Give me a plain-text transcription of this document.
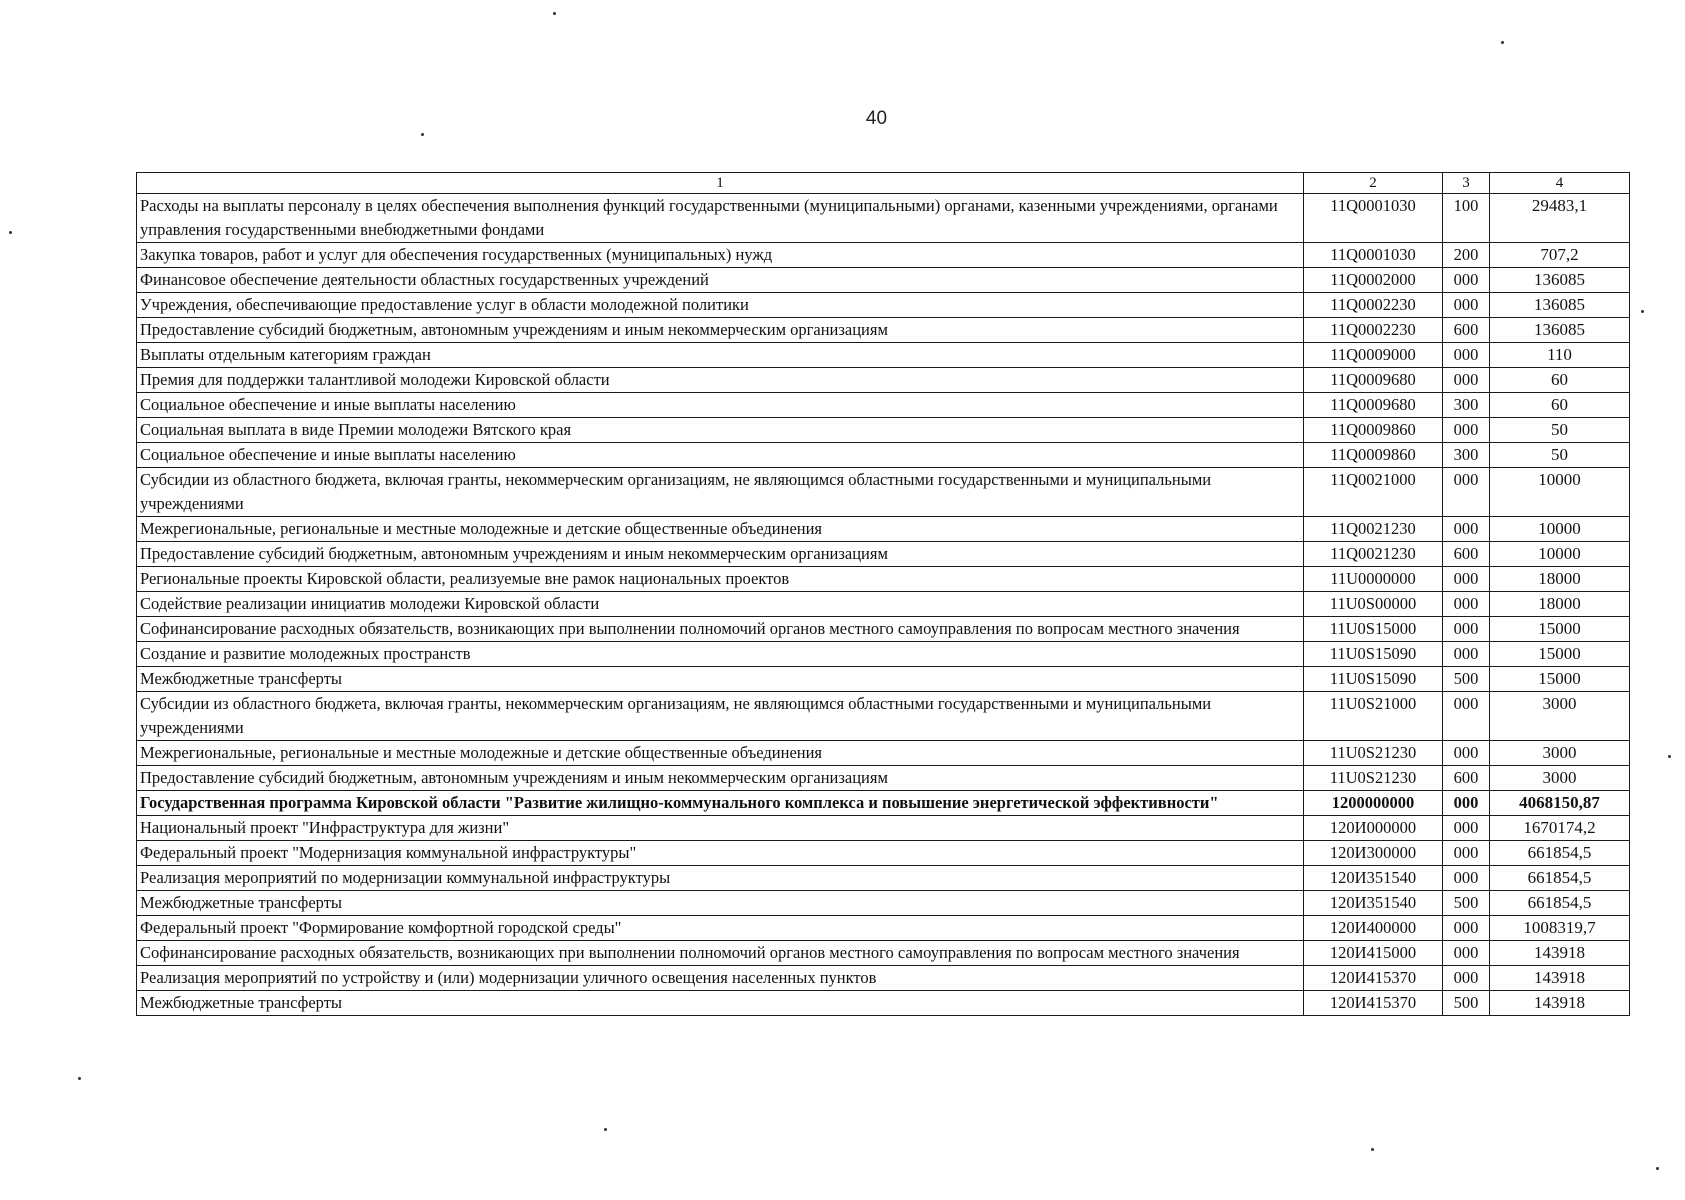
40
1	2	3	4
Расходы на выплаты персоналу в целях обеспечения выполнения функций государственными (муниципальными) органами, казенными учреждениями, органами управления государственными внебюджетными фондами	11Q0001030	100	29483,1
Закупка товаров, работ и услуг для обеспечения государственных (муниципальных) нужд	11Q0001030	200	707,2
Финансовое обеспечение деятельности областных государственных учреждений	11Q0002000	000	136085
Учреждения, обеспечивающие предоставление услуг в области молодежной политики	11Q0002230	000	136085
Предоставление субсидий бюджетным, автономным учреждениям и иным некоммерческим организациям	11Q0002230	600	136085
Выплаты отдельным категориям граждан	11Q0009000	000	110
Премия для поддержки талантливой молодежи Кировской области	11Q0009680	000	60
Социальное обеспечение и иные выплаты населению	11Q0009680	300	60
Социальная выплата в виде Премии молодежи Вятского края	11Q0009860	000	50
Социальное обеспечение и иные выплаты населению	11Q0009860	300	50
Субсидии из областного бюджета, включая гранты, некоммерческим организациям, не являющимся областными государственными и муниципальными учреждениями	11Q0021000	000	10000
Межрегиональные, региональные и местные молодежные и детские общественные объединения	11Q0021230	000	10000
Предоставление субсидий бюджетным, автономным учреждениям и иным некоммерческим организациям	11Q0021230	600	10000
Региональные проекты Кировской области, реализуемые вне рамок национальных проектов	11U0000000	000	18000
Содействие реализации инициатив молодежи Кировской области	11U0S00000	000	18000
Софинансирование расходных обязательств, возникающих при выполнении полномочий органов местного самоуправления по вопросам местного значения	11U0S15000	000	15000
Создание и развитие молодежных пространств	11U0S15090	000	15000
Межбюджетные трансферты	11U0S15090	500	15000
Субсидии из областного бюджета, включая гранты, некоммерческим организациям, не являющимся областными государственными и муниципальными учреждениями	11U0S21000	000	3000
Межрегиональные, региональные и местные молодежные и детские общественные объединения	11U0S21230	000	3000
Предоставление субсидий бюджетным, автономным учреждениям и иным некоммерческим организациям	11U0S21230	600	3000
Государственная программа Кировской области "Развитие жилищно-коммунального комплекса и повышение энергетической эффективности"	1200000000	000	4068150,87
Национальный проект "Инфраструктура для жизни"	120И000000	000	1670174,2
Федеральный проект "Модернизация коммунальной инфраструктуры"	120И300000	000	661854,5
Реализация мероприятий по модернизации коммунальной инфраструктуры	120И351540	000	661854,5
Межбюджетные трансферты	120И351540	500	661854,5
Федеральный проект "Формирование комфортной городской среды"	120И400000	000	1008319,7
Софинансирование расходных обязательств, возникающих при выполнении полномочий органов местного самоуправления по вопросам местного значения	120И415000	000	143918
Реализация мероприятий по устройству и (или) модернизации уличного освещения населенных пунктов	120И415370	000	143918
Межбюджетные трансферты	120И415370	500	143918
